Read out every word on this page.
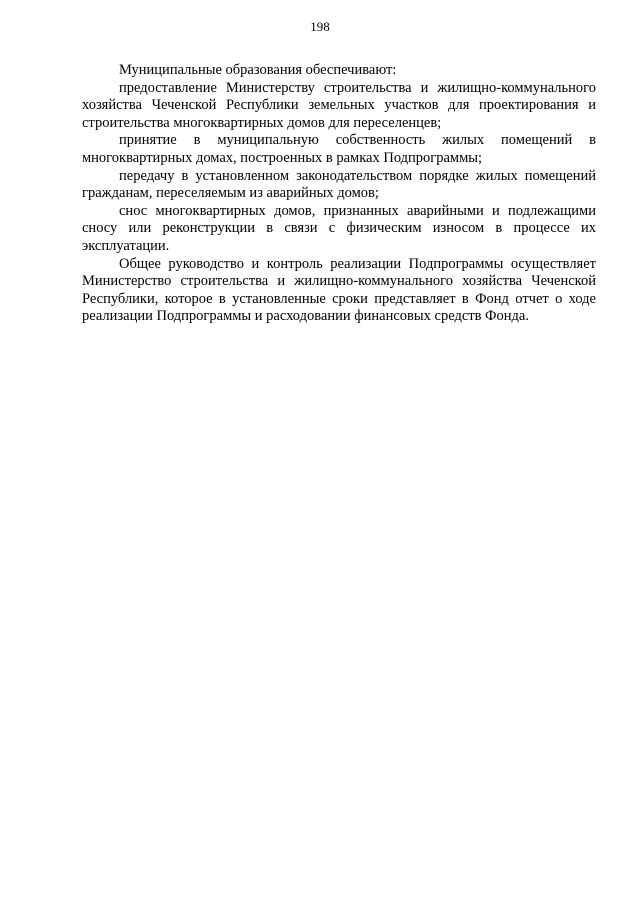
198

Муниципальные образования обеспечивают:

предоставление Министерству строительства и жилищно-коммунального хозяйства Чеченской Республики земельных участков для проектирования и строительства многоквартирных домов для переселенцев;

принятие в муниципальную собственность жилых помещений в многоквартирных домах, построенных в рамках Подпрограммы;

передачу в установленном законодательством порядке жилых помещений гражданам, переселяемым из аварийных домов;

снос многоквартирных домов, признанных аварийными и подлежащими сносу или реконструкции в связи с физическим износом в процессе их эксплуатации.

Общее руководство и контроль реализации Подпрограммы осуществляет Министерство строительства и жилищно-коммунального хозяйства Чеченской Республики, которое в установленные сроки представляет в Фонд отчет о ходе реализации Подпрограммы и расходовании финансовых средств Фонда.
